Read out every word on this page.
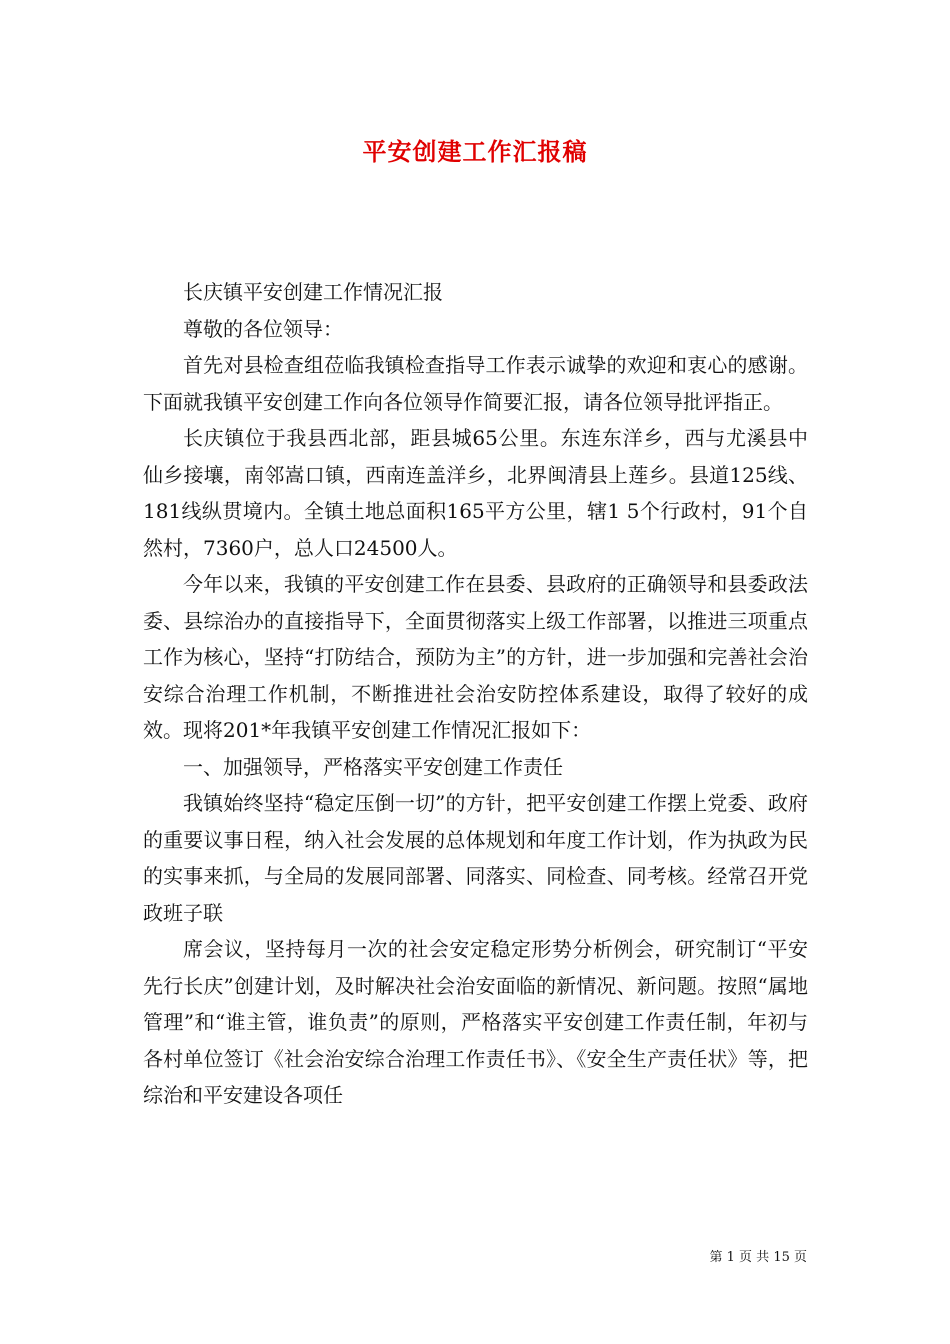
平安创建工作汇报稿

长庆镇平安创建工作情况汇报

尊敬的各位领导：

首先对县检查组莅临我镇检查指导工作表示诚挚的欢迎和衷心的感谢。下面就我镇平安创建工作向各位领导作简要汇报，请各位领导批评指正。

长庆镇位于我县西北部，距县城65公里。东连东洋乡，西与尤溪县中仙乡接壤，南邻嵩口镇，西南连盖洋乡，北界闽清县上莲乡。县道125线、181线纵贯境内。全镇土地总面积165平方公里，辖1 5个行政村，91个自然村，7360户，总人口24500人。

今年以来，我镇的平安创建工作在县委、县政府的正确领导和县委政法委、县综治办的直接指导下，全面贯彻落实上级工作部署，以推进三项重点工作为核心，坚持“打防结合，预防为主”的方针，进一步加强和完善社会治安综合治理工作机制，不断推进社会治安防控体系建设，取得了较好的成效。现将201*年我镇平安创建工作情况汇报如下：

一、加强领导，严格落实平安创建工作责任

我镇始终坚持“稳定压倒一切”的方针，把平安创建工作摆上党委、政府的重要议事日程，纳入社会发展的总体规划和年度工作计划，作为执政为民的实事来抓，与全局的发展同部署、同落实、同检查、同考核。经常召开党政班子联

席会议，坚持每月一次的社会安定稳定形势分析例会，研究制订“平安先行长庆”创建计划，及时解决社会治安面临的新情况、新问题。按照“属地管理”和“谁主管，谁负责”的原则，严格落实平安创建工作责任制，年初与各村单位签订《社会治安综合治理工作责任书》、《安全生产责任状》等，把综治和平安建设各项任

第 1 页 共 15 页
